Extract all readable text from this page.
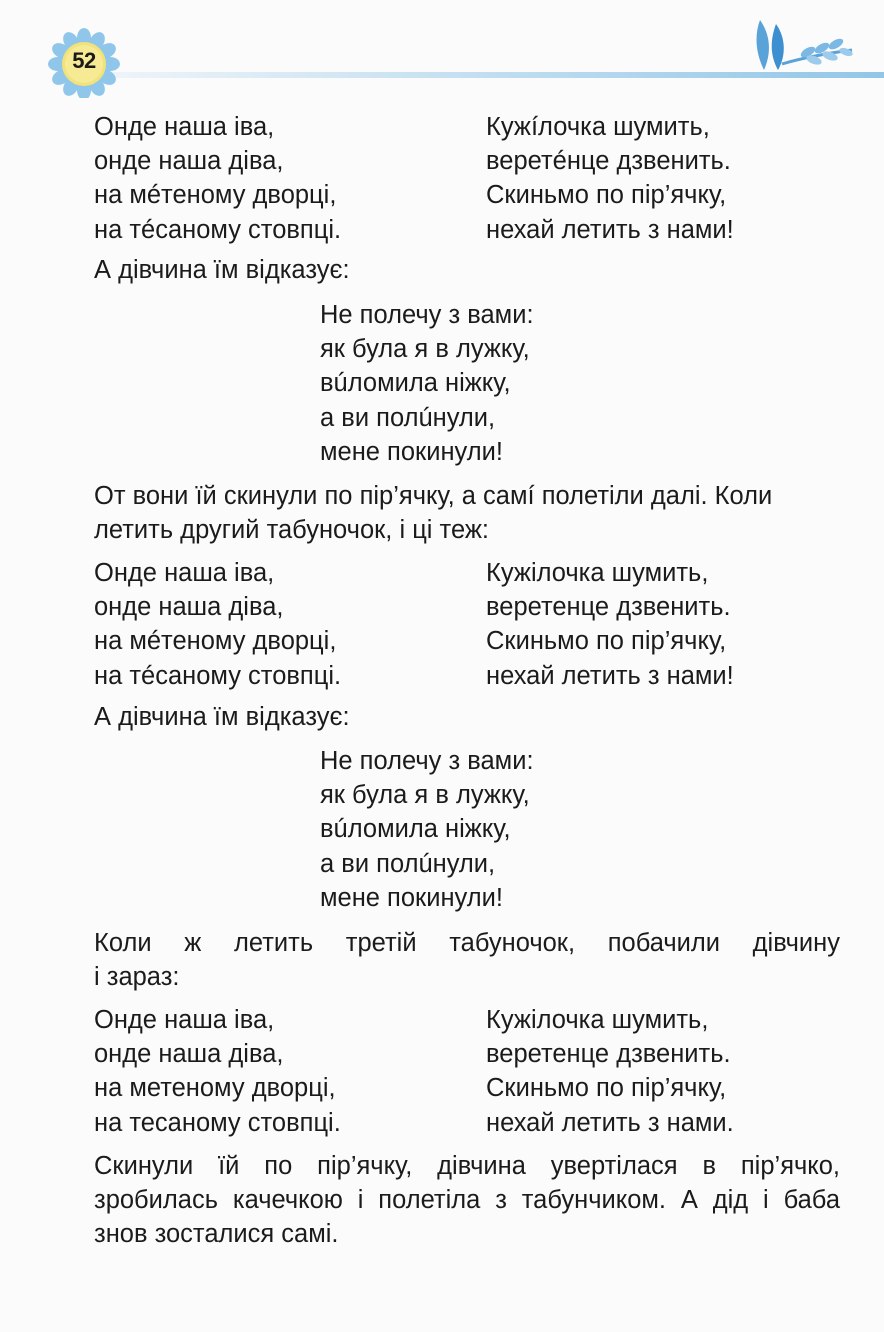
52
Онде наша іва,
онде наша діва,
на мéтеному дворці,
на тéсаному стовпці.
Кужíлочка шумить,
веретéнце дзвенить.
Скиньмо по пір’ячку,
нехай летить з нами!
А дівчина їм відказує:
Не полечу з вами:
як була я в лужку,
вúломила ніжку,
а ви полúнули,
мене покинули!
От вони їй скинули по пір’ячку, а самí полетіли далі. Коли
летить другий табуночок, і ці теж:
Онде наша іва,
онде наша діва,
на мéтеному дворці,
на тéсаному стовпці.
Кужілочка шумить,
веретенце дзвенить.
Скиньмо по пір’ячку,
нехай летить з нами!
А дівчина їм відказує:
Не полечу з вами:
як була я в лужку,
вúломила ніжку,
а ви полúнули,
мене покинули!
Коли ж летить третій табуночок, побачили дівчину
і зараз:
Онде наша іва,
онде наша діва,
на метеному дворці,
на тесаному стовпці.
Кужілочка шумить,
веретенце дзвенить.
Скиньмо по пір’ячку,
нехай летить з нами.
Скинули їй по пір’ячку, дівчина увертілася в пір’ячко,
зробилась качечкою і полетіла з табунчиком. А дід і баба
знов зосталися самі.
